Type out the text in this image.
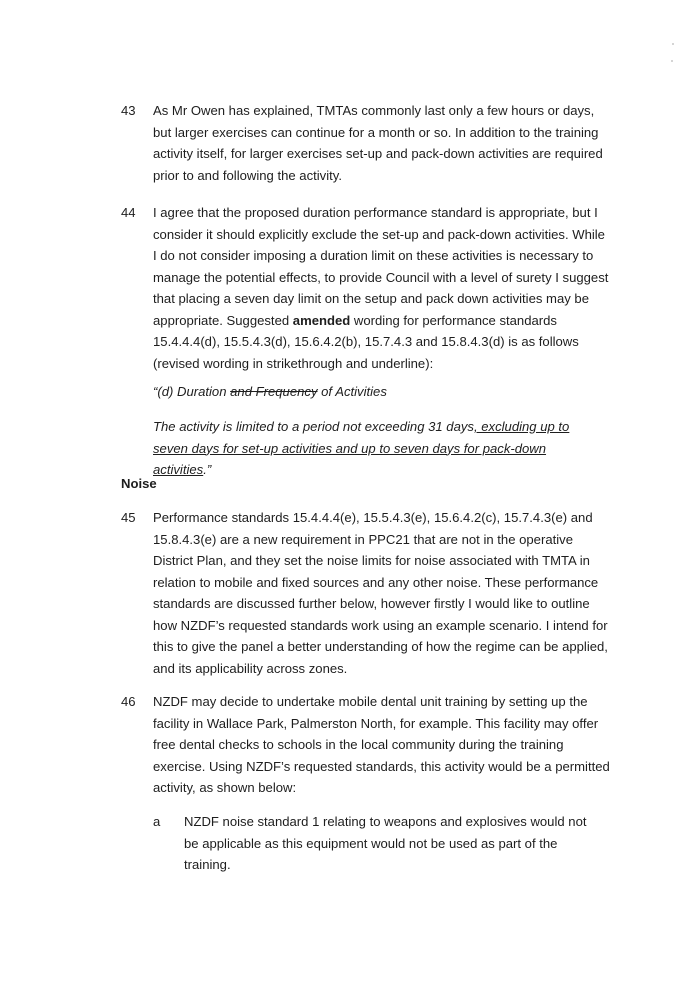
43 As Mr Owen has explained, TMTAs commonly last only a few hours or days, but larger exercises can continue for a month or so. In addition to the training activity itself, for larger exercises set-up and pack-down activities are required prior to and following the activity.
44 I agree that the proposed duration performance standard is appropriate, but I consider it should explicitly exclude the set-up and pack-down activities. While I do not consider imposing a duration limit on these activities is necessary to manage the potential effects, to provide Council with a level of surety I suggest that placing a seven day limit on the setup and pack down activities may be appropriate. Suggested amended wording for performance standards 15.4.4.4(d), 15.5.4.3(d), 15.6.4.2(b), 15.7.4.3 and 15.8.4.3(d) is as follows (revised wording in strikethrough and underline):
“(d) Duration and Frequency of Activities
The activity is limited to a period not exceeding 31 days, excluding up to seven days for set-up activities and up to seven days for pack-down activities.”
Noise
45 Performance standards 15.4.4.4(e), 15.5.4.3(e), 15.6.4.2(c), 15.7.4.3(e) and 15.8.4.3(e) are a new requirement in PPC21 that are not in the operative District Plan, and they set the noise limits for noise associated with TMTA in relation to mobile and fixed sources and any other noise. These performance standards are discussed further below, however firstly I would like to outline how NZDF’s requested standards work using an example scenario. I intend for this to give the panel a better understanding of how the regime can be applied, and its applicability across zones.
46 NZDF may decide to undertake mobile dental unit training by setting up the facility in Wallace Park, Palmerston North, for example. This facility may offer free dental checks to schools in the local community during the training exercise. Using NZDF’s requested standards, this activity would be a permitted activity, as shown below:
a NZDF noise standard 1 relating to weapons and explosives would not be applicable as this equipment would not be used as part of the training.
